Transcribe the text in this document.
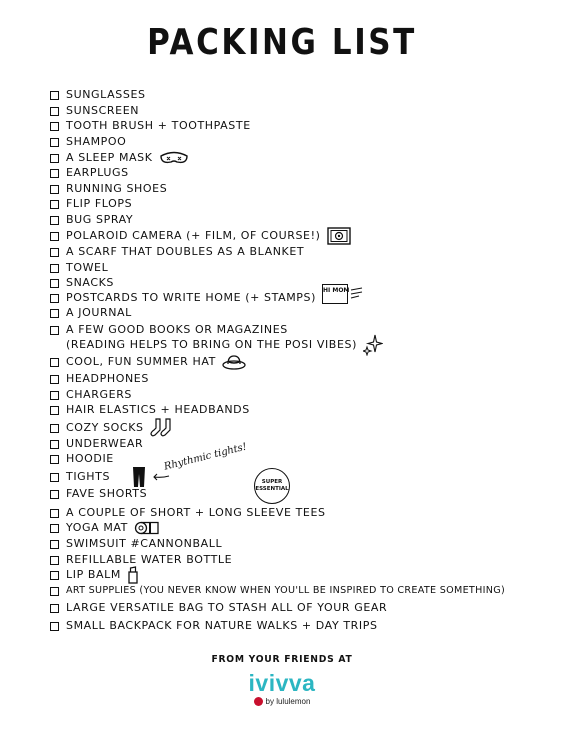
PACKING LIST
SUNGLASSES
SUNSCREEN
TOOTH BRUSH + TOOTHPASTE
SHAMPOO
A SLEEP MASK
EARPLUGS
RUNNING SHOES
FLIP FLOPS
BUG SPRAY
POLAROID CAMERA (+ FILM, OF COURSE!)
A SCARF THAT DOUBLES AS A BLANKET
TOWEL
SNACKS
POSTCARDS TO WRITE HOME (+ STAMPS)
HI MOM
A JOURNAL
A FEW GOOD BOOKS OR MAGAZINES
(READING HELPS TO BRING ON THE POSI VIBES)
COOL, FUN SUMMER HAT
HEADPHONES
CHARGERS
HAIR ELASTICS + HEADBANDS
COZY SOCKS
UNDERWEAR
HOODIE
TIGHTS
Rhythmic tights!
SUPER ESSENTIAL
FAVE SHORTS
A COUPLE OF SHORT + LONG SLEEVE TEES
YOGA MAT
SWIMSUIT #CANNONBALL
REFILLABLE WATER BOTTLE
LIP BALM
ART SUPPLIES (YOU NEVER KNOW WHEN YOU'LL BE INSPIRED TO CREATE SOMETHING)
LARGE VERSATILE BAG TO STASH ALL OF YOUR GEAR
SMALL BACKPACK FOR NATURE WALKS + DAY TRIPS
FROM YOUR FRIENDS AT
ivivva
by lululemon
